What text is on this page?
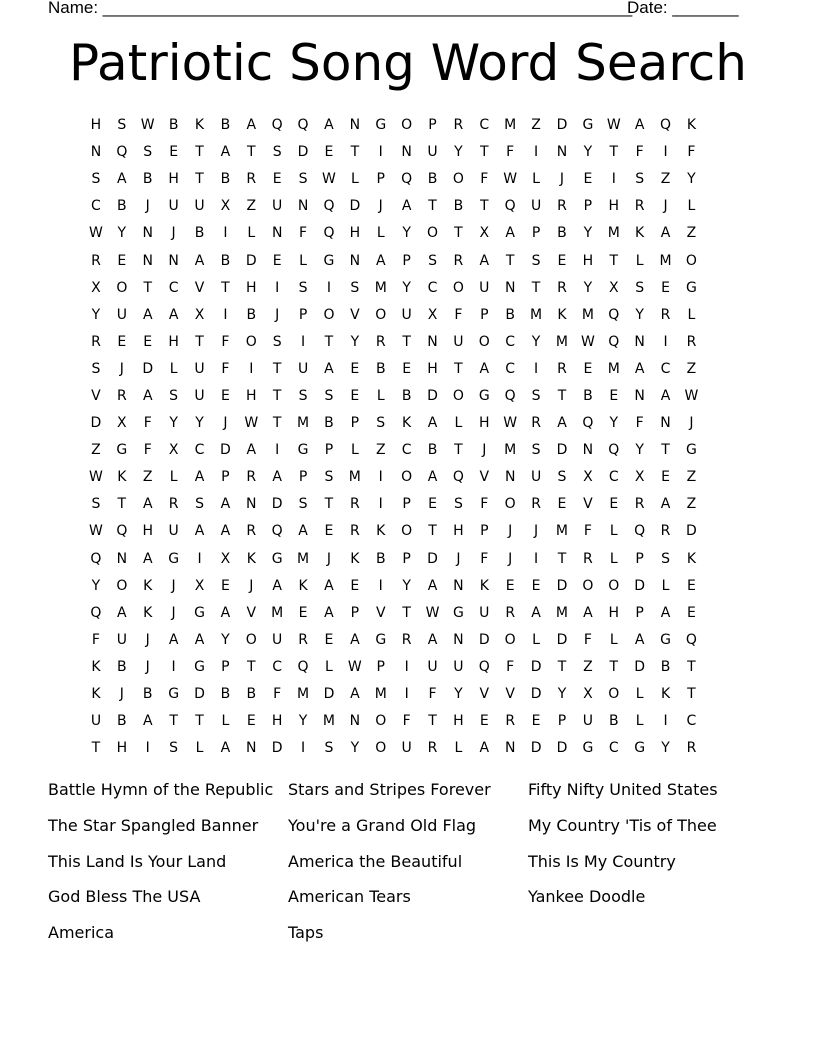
Name: ________________________________________________________
Date: _______
Patriotic Song Word Search
H	S	W	B	K	B	A	Q	Q	A	N	G	O	P	R	C	M	Z	D	G W	A	Q	K
N	Q	S	E	T	A	T	S	D	E	T	I	N	U	Y	T	F	I	N	Y	T	F	I	F
S	A	B	H	T	B	R	E	S	W	L	P	Q	B	O	F	W	L	J	E	I	S	Z	Y
C	B	J	U	U	X	Z	U	N	Q	D	J	A	T	B	T	Q	U	R	P	H	R	J	L
W	Y	N	J	B	I	L	N	F	Q	H	L	Y	O	T	X	A	P	B	Y	M	K	A	Z
R	E	N	N	A	B	D	E	L	G	N	A	P	S	R	A	T	S	E	H	T	L	M	O
X	O	T	C	V	T	H	I	S	I	S	M	Y	C	O	U	N	T	R	Y	X	S	E	G
Y	U	A	A	X	I	B	J	P	O	V	O	U	X	F	P	B	M	K	M	Q	Y	R	L
R	E	E	H	T	F	O	S	I	T	Y	R	T	N	U	O	C	Y	M W Q	N	I	R
S	J	D	L	U	F	I	T	U	A	E	B	E	H	T	A	C	I	R	E	M	A	C	Z
V	R	A	S	U	E	H	T	S	S	E	L	B	D	O	G	Q	S	T	B	E	N	A	W
D	X	F	Y	Y	J	W	T	M	B	P	S	K	A	L	H W	R	A	Q	Y	F	N	J
Z	G	F	X	C	D	A	I	G	P	L	Z	C	B	T	J	M	S	D	N	Q	Y	T	G
W	K	Z	L	A	P	R	A	P	S	M	I	O	A	Q	V	N	U	S	X	C	X	E	Z
S	T	A	R	S	A	N	D	S	T	R	I	P	E	S	F	O	R	E	V	E	R	A	Z
W Q	H	U	A	A	R	Q	A	E	R	K	O	T	H	P	J	J	M	F	L	Q	R	D
Q	N	A	G	I	X	K	G	M	J	K	B	P	D	J	F	J	I	T	R	L	P	S	K
Y	O	K	J	X	E	J	A	K	A	E	I	Y	A	N	K	E	E	D	O	O	D	L	E
Q	A	K	J	G	A	V	M	E	A	P	V	T	W G	U	R	A	M	A	H	P	A	E
F	U	J	A	A	Y	O	U	R	E	A	G	R	A	N	D	O	L	D	F	L	A	G	Q
K	B	J	I	G	P	T	C	Q	L	W	P	I	U	U	Q	F	D	T	Z	T	D	B	T
K	J	B	G	D	B	B	F	M	D	A	M	I	F	Y	V	V	D	Y	X	O	L	K	T
U	B	A	T	T	L	E	H	Y	M	N	O	F	T	H	E	R	E	P	U	B	L	I	C
T	H	I	S	L	A	N	D	I	S	Y	O	U	R	L	A	N	D	D	G	C	G	Y	R
Battle Hymn of the Republic
The Star Spangled Banner
This Land Is Your Land
God Bless The USA
America
Stars and Stripes Forever
You're a Grand Old Flag
America the Beautiful
American Tears
Taps
Fifty Nifty United States
My Country 'Tis of Thee
This Is My Country
Yankee Doodle
